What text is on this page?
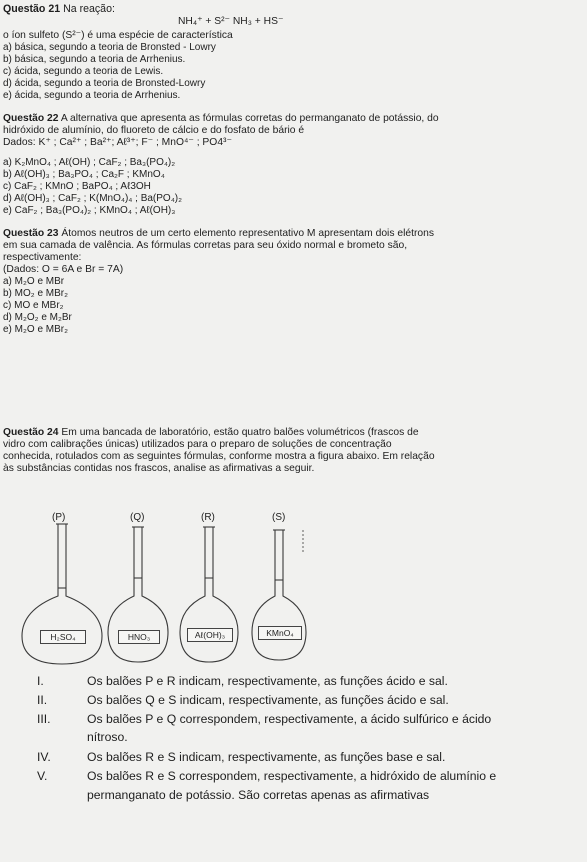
Questão 21 Na reação:
NH₄⁺ + S²⁻ NH₃ + HS⁻
o íon sulfeto (S²⁻) é uma espécie de característica
a) básica, segundo a teoria de Bronsted - Lowry
b) básica, segundo a teoria de Arrhenius.
c) ácida, segundo a teoria de Lewis.
d) ácida, segundo a teoria de Bronsted-Lowry
e) ácida, segundo a teoria de Arrhenius.
Questão 22 A alternativa que apresenta as fórmulas corretas do permanganato de potássio, do
hidróxido de alumínio, do fluoreto de cálcio e do fosfato de bário é
Dados: K⁺ ; Ca²⁺ ; Ba²⁺; Aℓ³⁺; F⁻ ; MnO⁴⁻ ; PO4³⁻
a) K₂MnO₄ ; Aℓ(OH) ; CaF₂ ; Ba₃(PO₄)₂
b) Aℓ(OH)₃ ; Ba₃PO₄ ; Ca₂F ; KMnO₄
c) CaF₂ ; KMnO ; BaPO₄ ; Aℓ3OH
d) Aℓ(OH)₃ ; CaF₂ ; K(MnO₄)₄ ; Ba(PO₄)₂
e) CaF₂ ; Ba₃(PO₄)₂ ; KMnO₄ ; Aℓ(OH)₃
Questão 23 Átomos neutros de um certo elemento representativo M apresentam dois elétrons
em sua camada de valência. As fórmulas corretas para seu óxido normal e brometo são,
respectivamente:
(Dados: O = 6A e Br = 7A)
a) M₂O e MBr
b) MO₂ e MBr₂
c) MO e MBr₂
d) M₂O₂ e M₂Br
e) M₂O e MBr₂
Questão 24 Em uma bancada de laboratório, estão quatro balões volumétricos (frascos de
vidro com calibrações únicas) utilizados para o preparo de soluções de concentração
conhecida, rotulados com as seguintes fórmulas, conforme mostra a figura abaixo. Em relação
às substâncias contidas nos frascos, analise as afirmativas a seguir.
(P)	(Q)	(R)	(S)
H₂SO₄	HNO₃	Aℓ(OH)₃	KMnO₄
I.	Os balões P e R indicam, respectivamente, as funções ácido e sal.
II.	Os balões Q e S indicam, respectivamente, as funções ácido e sal.
III.	Os balões P e Q correspondem, respectivamente, a ácido sulfúrico e ácido
nítroso.
IV.	Os balões R e S indicam, respectivamente, as funções base e sal.
V.	Os balões R e S correspondem, respectivamente, a hidróxido de alumínio e
permanganato de potássio. São corretas apenas as afirmativas
